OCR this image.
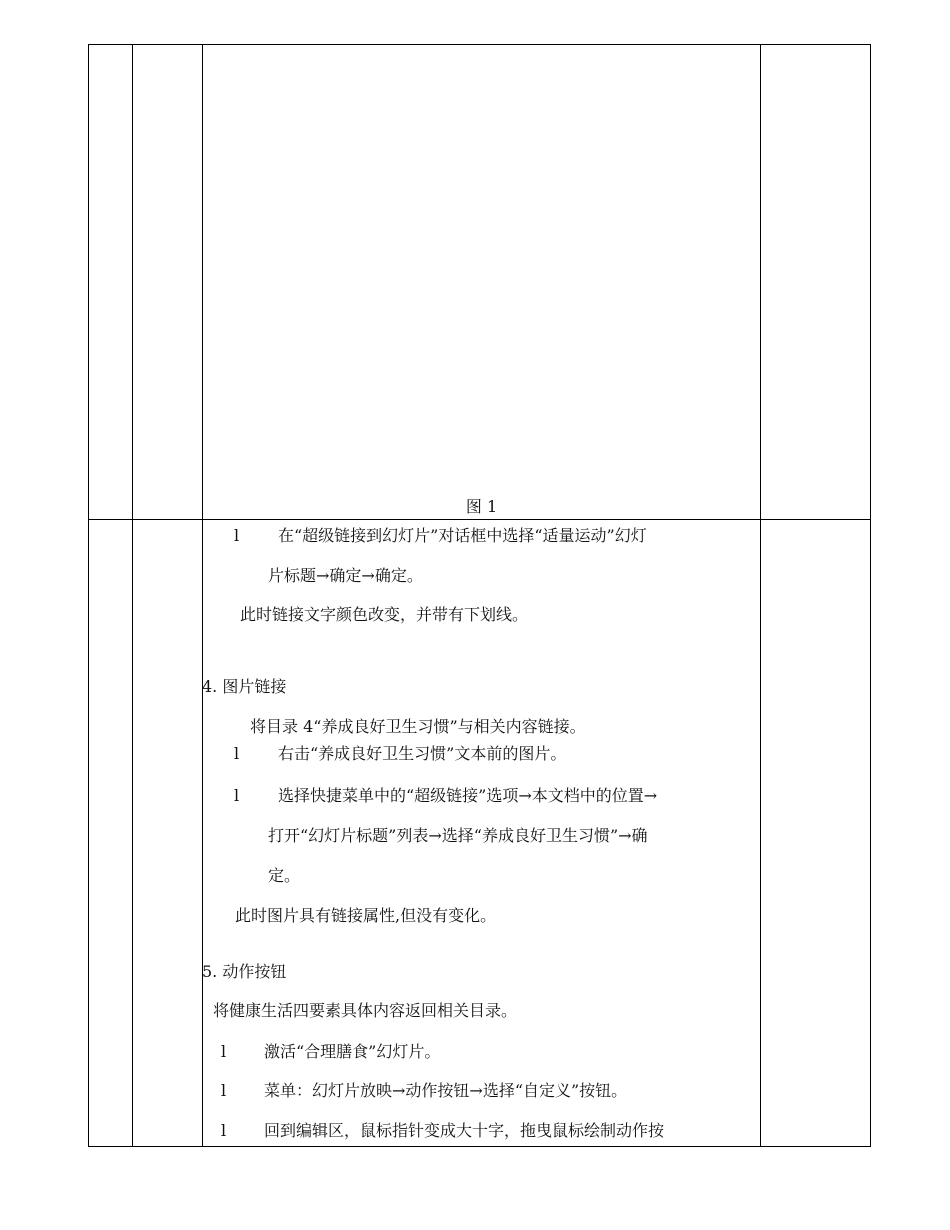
图 1
l 在“超级链接到幻灯片”对话框中选择“适量运动”幻灯
片标题→确定→确定。
此时链接文字颜色改变，并带有下划线。
4. 图片链接
将目录 4“养成良好卫生习惯”与相关内容链接。
l 右击“养成良好卫生习惯”文本前的图片。
l 选择快捷菜单中的“超级链接”选项→本文档中的位置→
打开“幻灯片标题”列表→选择“养成良好卫生习惯”→确
定。
此时图片具有链接属性,但没有变化。
5. 动作按钮
将健康生活四要素具体内容返回相关目录。
l 激活“合理膳食”幻灯片。
l 菜单：幻灯片放映→动作按钮→选择“自定义”按钮。
l 回到编辑区，鼠标指针变成大十字，拖曳鼠标绘制动作按
